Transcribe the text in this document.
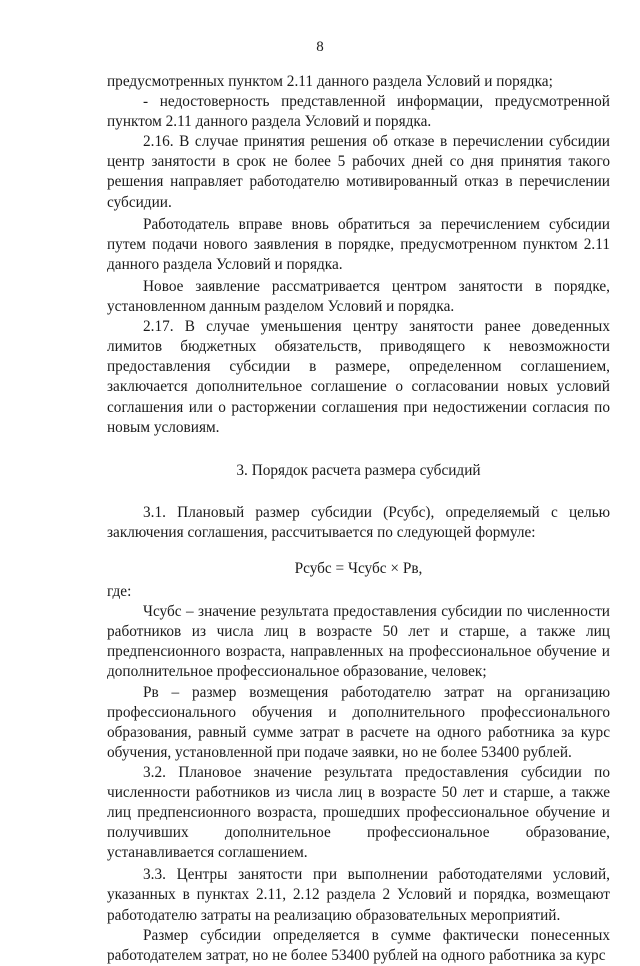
8

предусмотренных пунктом 2.11 данного раздела Условий и порядка;

- недостоверность представленной информации, предусмотренной пунктом 2.11 данного раздела Условий и порядка.

2.16. В случае принятия решения об отказе в перечислении субсидии центр занятости в срок не более 5 рабочих дней со дня принятия такого решения направляет работодателю мотивированный отказ в перечислении субсидии.

Работодатель вправе вновь обратиться за перечислением субсидии путем подачи нового заявления в порядке, предусмотренном пунктом 2.11 данного раздела Условий и порядка.

Новое заявление рассматривается центром занятости в порядке, установленном данным разделом Условий и порядка.

2.17. В случае уменьшения центру занятости ранее доведенных лимитов бюджетных обязательств, приводящего к невозможности предоставления субсидии в размере, определенном соглашением, заключается дополнительное соглашение о согласовании новых условий соглашения или о расторжении соглашения при недостижении согласия по новым условиям.

3. Порядок расчета размера субсидий

3.1. Плановый размер субсидии (Рсубс), определяемый с целью заключения соглашения, рассчитывается по следующей формуле:

Рсубс = Чсубс × Рв,

где:

Чсубс – значение результата предоставления субсидии по численности работников из числа лиц в возрасте 50 лет и старше, а также лиц предпенсионного возраста, направленных на профессиональное обучение и дополнительное профессиональное образование, человек;

Рв – размер возмещения работодателю затрат на организацию профессионального обучения и дополнительного профессионального образования, равный сумме затрат в расчете на одного работника за курс обучения, установленной при подаче заявки, но не более 53400 рублей.

3.2. Плановое значение результата предоставления субсидии по численности работников из числа лиц в возрасте 50 лет и старше, а также лиц предпенсионного возраста, прошедших профессиональное обучение и получивших дополнительное профессиональное образование, устанавливается соглашением.

3.3. Центры занятости при выполнении работодателями условий, указанных в пунктах 2.11, 2.12 раздела 2 Условий и порядка, возмещают работодателю затраты на реализацию образовательных мероприятий.

Размер субсидии определяется в сумме фактически понесенных работодателем затрат, но не более 53400 рублей на одного работника за курс
